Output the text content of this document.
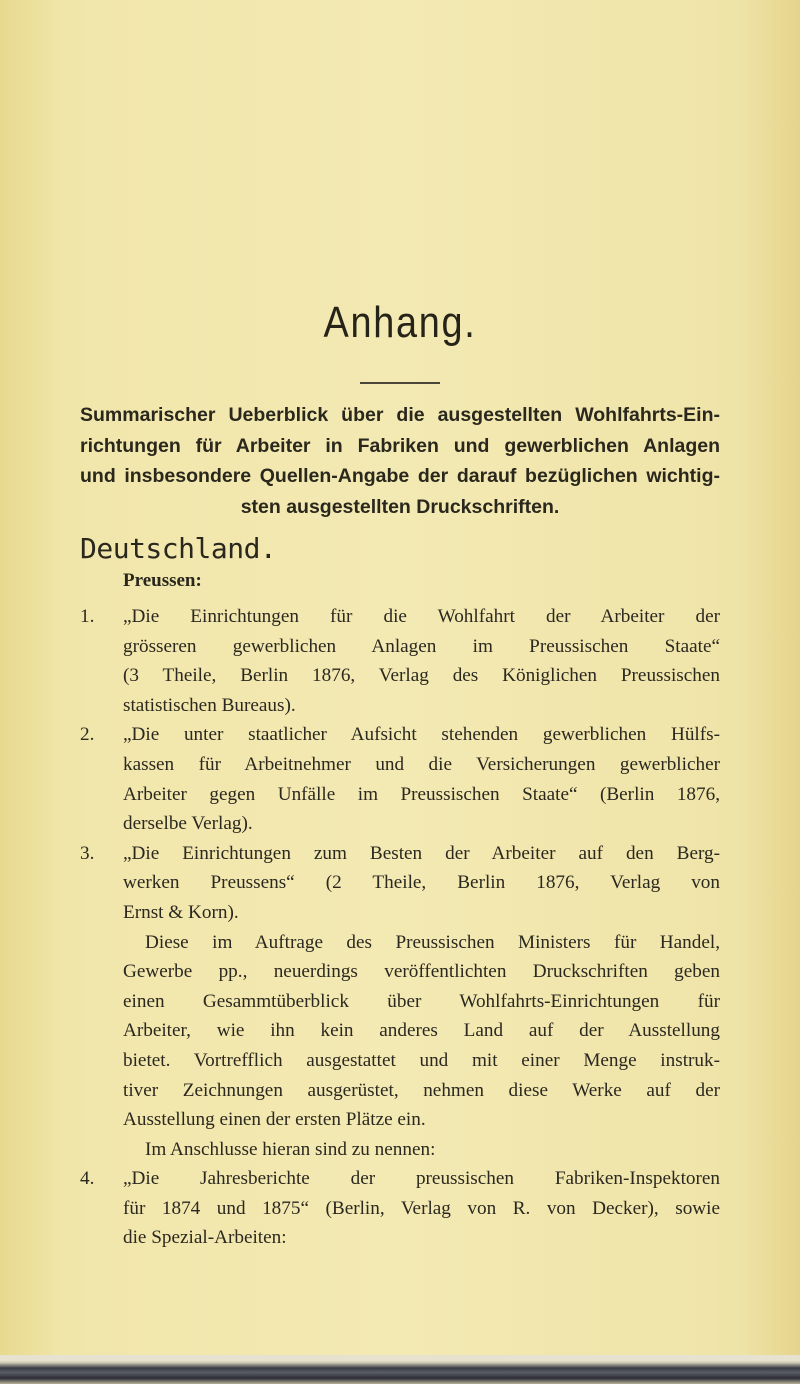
Anhang.
Summarischer Ueberblick über die ausgestellten Wohlfahrts-Ein-
richtungen für Arbeiter in Fabriken und gewerblichen Anlagen
und insbesondere Quellen-Angabe der darauf bezüglichen wichtig-
sten ausgestellten Druckschriften.
Deutschland.
Preussen:
1.	„Die Einrichtungen für die Wohlfahrt der Arbeiter der
grösseren gewerblichen Anlagen im Preussischen Staate“
(3 Theile, Berlin 1876, Verlag des Königlichen Preussischen
statistischen Bureaus).
2.	„Die unter staatlicher Aufsicht stehenden gewerblichen Hülfs-
kassen für Arbeitnehmer und die Versicherungen gewerblicher
Arbeiter gegen Unfälle im Preussischen Staate“ (Berlin 1876,
derselbe Verlag).
3.	„Die Einrichtungen zum Besten der Arbeiter auf den Berg-
werken Preussens“ (2 Theile, Berlin 1876, Verlag von
Ernst & Korn).
Diese im Auftrage des Preussischen Ministers für Handel,
Gewerbe pp., neuerdings veröffentlichten Druckschriften geben
einen Gesammtüberblick über Wohlfahrts-Einrichtungen für
Arbeiter, wie ihn kein anderes Land auf der Ausstellung
bietet. Vortrefflich ausgestattet und mit einer Menge instruk-
tiver Zeichnungen ausgerüstet, nehmen diese Werke auf der
Ausstellung einen der ersten Plätze ein.
Im Anschlusse hieran sind zu nennen:
4.	„Die Jahresberichte der preussischen Fabriken-Inspektoren
für 1874 und 1875“ (Berlin, Verlag von R. von Decker), sowie
die Spezial-Arbeiten:
